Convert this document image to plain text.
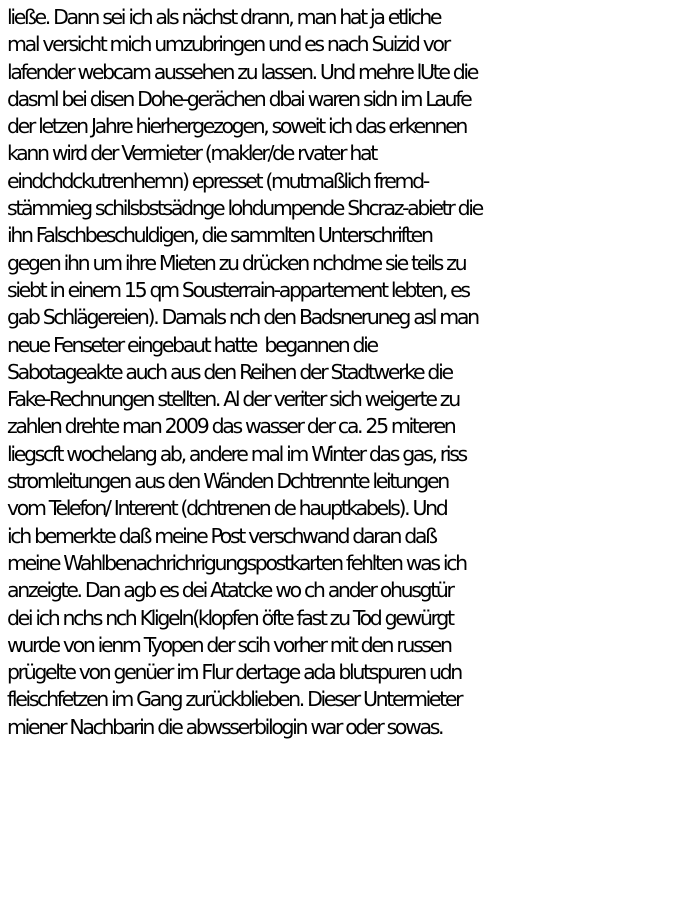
ließe. Dann sei ich als nächst drann, man hat ja etliche
mal versicht mich umzubringen und es nach Suizid vor
lafender webcam aussehen zu lassen. Und mehre lUte die
dasml bei disen Dohe-gerächen dbai waren sidn im Laufe
der letzen Jahre hierhergezogen, soweit ich das erkennen
kann wird der Vermieter (makler/de rvater hat
eindchdckutrenhemn) epresset (mutmaßlich fremd-
stämmieg schilsbstsädnge lohdumpende Shcraz-abietr die
ihn Falschbeschuldigen, die sammlten Unterschriften
gegen ihn um ihre Mieten zu drücken nchdme sie teils zu
siebt in einem 15 qm Sousterrain-appartement lebten, es
gab Schlägereien). Damals nch den Badsneruneg asl man
neue Fenseter eingebaut hatte  begannen die
Sabotageakte auch aus den Reihen der Stadtwerke die
Fake-Rechnungen stellten. Al der veriter sich weigerte zu
zahlen drehte man 2009 das wasser der ca. 25 miteren
liegscft wochelang ab, andere mal im Winter das gas, riss
stromleitungen aus den Wänden Dchtrennte leitungen
vom Telefon/ Interent (dchtrenen de hauptkabels). Und
ich bemerkte daß meine Post verschwand daran daß
meine Wahlbenachrichrigungspostkarten fehlten was ich
anzeigte. Dan agb es dei Atatcke wo ch ander ohusgtür
dei ich nchs nch Kligeln(klopfen öfte fast zu Tod gewürgt
wurde von ienm Tyopen der scih vorher mit den russen
prügelte von genüer im Flur dertage ada blutspuren udn
fleischfetzen im Gang zurückblieben. Dieser Untermieter
miener Nachbarin die abwsserbilogin war oder sowas.
